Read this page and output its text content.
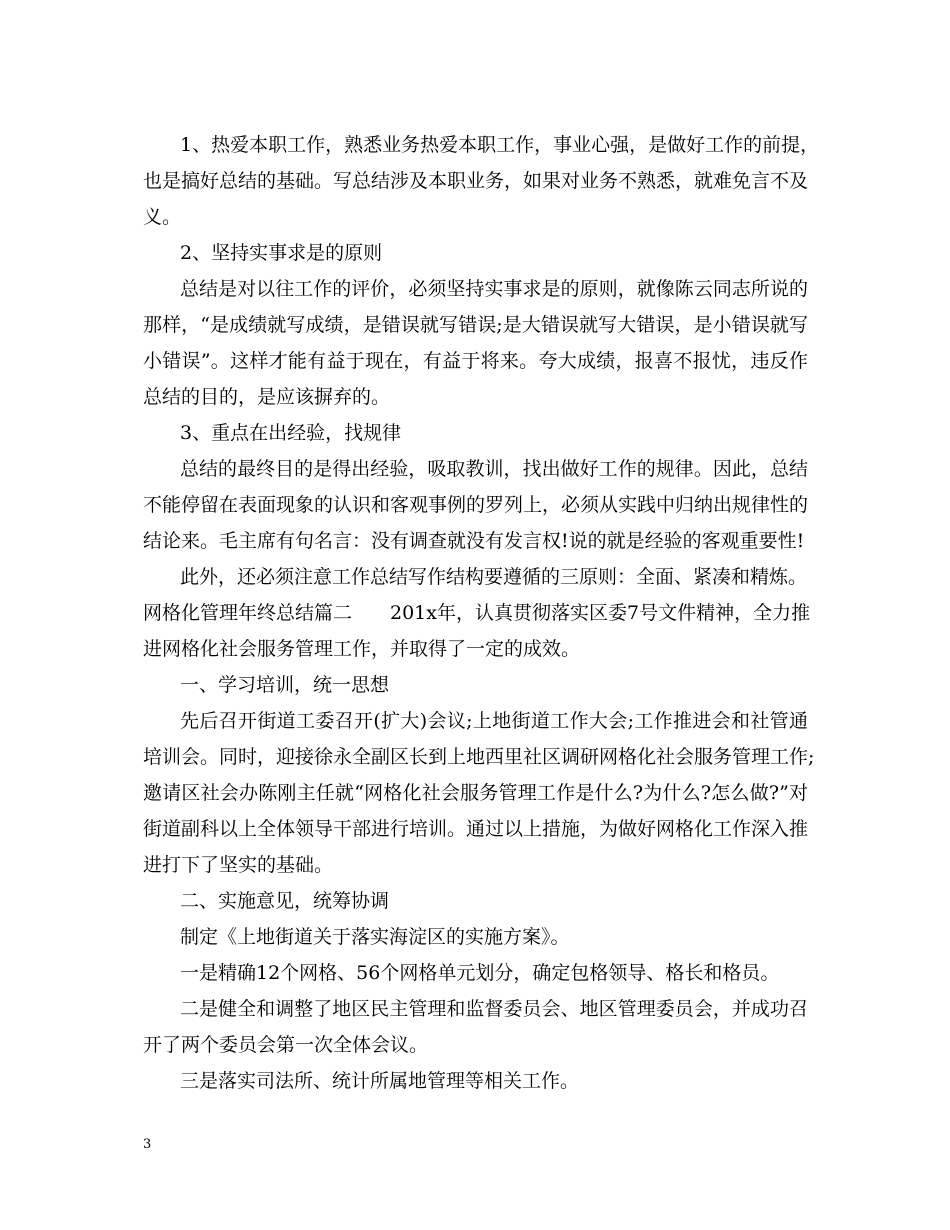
1、热爱本职工作，熟悉业务热爱本职工作，事业心强，是做好工作的前提，
也是搞好总结的基础。写总结涉及本职业务，如果对业务不熟悉，就难免言不及
义。
2、坚持实事求是的原则
总结是对以往工作的评价，必须坚持实事求是的原则，就像陈云同志所说的
那样，“是成绩就写成绩，是错误就写错误;是大错误就写大错误，是小错误就写
小错误”。这样才能有益于现在，有益于将来。夸大成绩，报喜不报忧，违反作
总结的目的，是应该摒弃的。
3、重点在出经验，找规律
总结的最终目的是得出经验，吸取教训，找出做好工作的规律。因此，总结
不能停留在表面现象的认识和客观事例的罗列上，必须从实践中归纳出规律性的
结论来。毛主席有句名言：没有调查就没有发言权!说的就是经验的客观重要性!
此外，还必须注意工作总结写作结构要遵循的三原则：全面、紧凑和精炼。
网格化管理年终总结篇二　　201x年，认真贯彻落实区委7号文件精神，全力推
进网格化社会服务管理工作，并取得了一定的成效。
一、学习培训，统一思想
先后召开街道工委召开(扩大)会议;上地街道工作大会;工作推进会和社管通
培训会。同时，迎接徐永全副区长到上地西里社区调研网格化社会服务管理工作;
邀请区社会办陈刚主任就“网格化社会服务管理工作是什么?为什么?怎么做?”对
街道副科以上全体领导干部进行培训。通过以上措施，为做好网格化工作深入推
进打下了坚实的基础。
二、实施意见，统筹协调
制定《上地街道关于落实海淀区的实施方案》。
一是精确12个网格、56个网格单元划分，确定包格领导、格长和格员。
二是健全和调整了地区民主管理和监督委员会、地区管理委员会，并成功召
开了两个委员会第一次全体会议。
三是落实司法所、统计所属地管理等相关工作。
3
